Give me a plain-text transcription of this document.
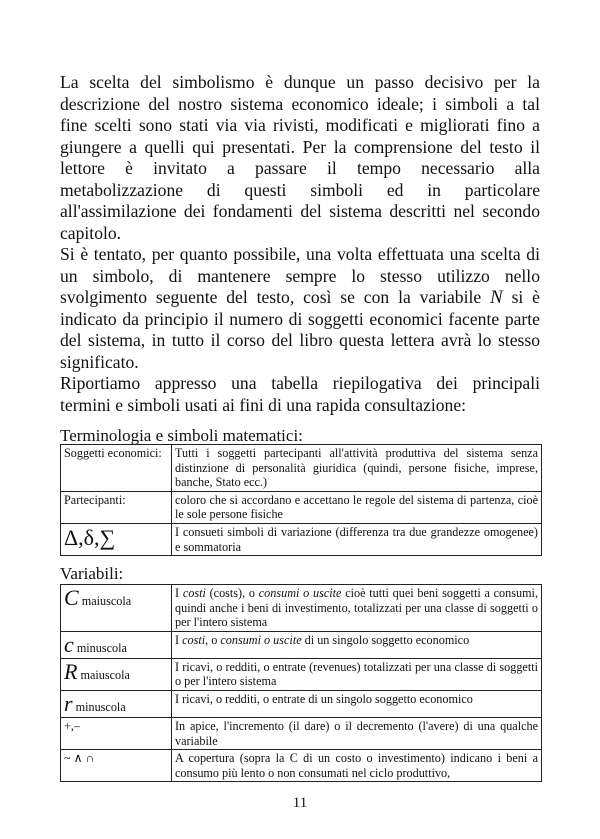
La scelta del simbolismo è dunque un passo decisivo per la
descrizione del nostro sistema economico ideale; i simboli a tal
fine scelti sono stati via via rivisti, modificati e migliorati fino a
giungere a quelli qui presentati. Per la comprensione del testo il
lettore è invitato a passare il tempo necessario alla
metabolizzazione di questi simboli ed in particolare
all'assimilazione dei fondamenti del sistema descritti nel secondo
capitolo.
Si è tentato, per quanto possibile, una volta effettuata una scelta di
un simbolo, di mantenere sempre lo stesso utilizzo nello
svolgimento seguente del testo, così se con la variabile N si è
indicato da principio il numero di soggetti economici facente parte
del sistema, in tutto il corso del libro questa lettera avrà lo stesso
significato.
Riportiamo appresso una tabella riepilogativa dei principali
termini e simboli usati ai fini di una rapida consultazione:
Terminologia e simboli matematici:
Soggetti economici:	Tutti i soggetti partecipanti all'attività produttiva del sistema senza distinzione di personalità giuridica (quindi, persone fisiche, imprese, banche, Stato ecc.)
Partecipanti:	coloro che si accordano e accettano le regole del sistema di partenza, cioè le sole persone fisiche
Δ,δ,∑	I consueti simboli di variazione (differenza tra due grandezze omogenee) e sommatoria
Variabili:
C maiuscola	I costi (costs), o consumi o uscite cioè tutti quei beni soggetti a consumi, quindi anche i beni di investimento, totalizzati per una classe di soggetti o per l'intero sistema
c minuscola	I costi, o consumi o uscite di un singolo soggetto economico
R maiuscola	I ricavi, o redditi, o entrate (revenues) totalizzati per una classe di soggetti o per l'intero sistema
r minuscola	I ricavi, o redditi, o entrate di un singolo soggetto economico
+,–	In apice, l'incremento (il dare) o il decremento (l'avere) di una qualche variabile
~ ∧ ∩	A copertura (sopra la C di un costo o investimento) indicano i beni a consumo più lento o non consumati nel ciclo produttivo,
11
